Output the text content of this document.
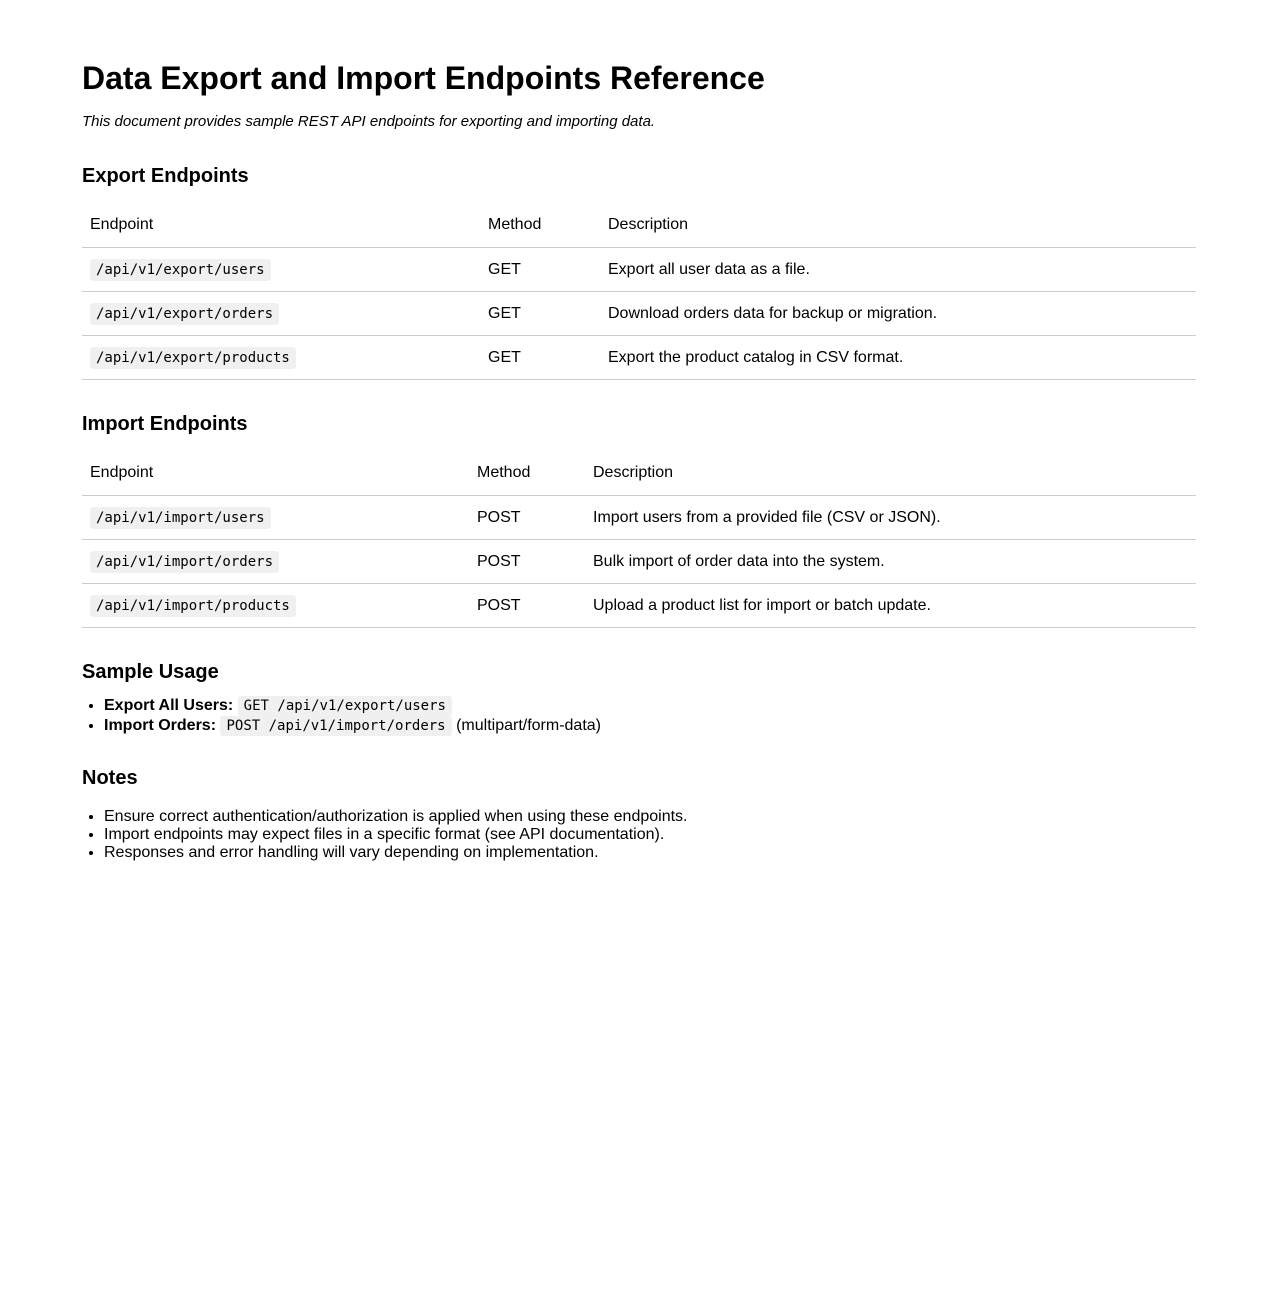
Data Export and Import Endpoints Reference

This document provides sample REST API endpoints for exporting and importing data.

Export Endpoints
Endpoint	Method	Description
/api/v1/export/users	GET	Export all user data as a file.
/api/v1/export/orders	GET	Download orders data for backup or migration.
/api/v1/export/products	GET	Export the product catalog in CSV format.
Import Endpoints
Endpoint	Method	Description
/api/v1/import/users	POST	Import users from a provided file (CSV or JSON).
/api/v1/import/orders	POST	Bulk import of order data into the system.
/api/v1/import/products	POST	Upload a product list for import or batch update.
Sample Usage
• Export All Users: GET /api/v1/export/users
• Import Orders: POST /api/v1/import/orders (multipart/form-data)
Notes
• Ensure correct authentication/authorization is applied when using these endpoints.
• Import endpoints may expect files in a specific format (see API documentation).
• Responses and error handling will vary depending on implementation.
